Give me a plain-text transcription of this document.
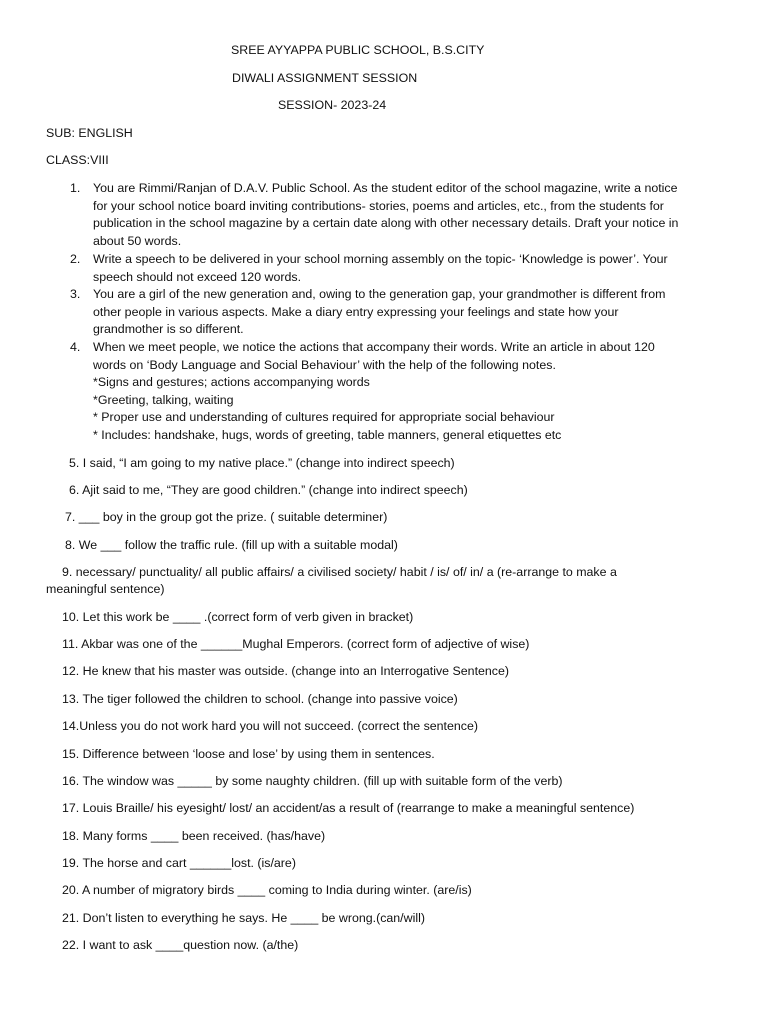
SREE AYYAPPA PUBLIC SCHOOL, B.S.CITY
DIWALI ASSIGNMENT SESSION
SESSION- 2023-24
SUB: ENGLISH
CLASS:VIII
1. You are Rimmi/Ranjan of D.A.V. Public School. As the student editor of the school magazine, write a notice
for your school notice board inviting contributions- stories, poems and articles, etc., from the students for
publication in the school magazine by a certain date along with other necessary details. Draft your notice in
about 50 words.
2. Write a speech to be delivered in your school morning assembly on the topic- ‘Knowledge is power’. Your
speech should not exceed 120 words.
3. You are a girl of the new generation and, owing to the generation gap, your grandmother is different from
other people in various aspects. Make a diary entry expressing your feelings and state how your
grandmother is so different.
4. When we meet people, we notice the actions that accompany their words. Write an article in about 120
words on ‘Body Language and Social Behaviour’ with the help of the following notes.
*Signs and gestures; actions accompanying words
*Greeting, talking, waiting
* Proper use and understanding of cultures required for appropriate social behaviour
* Includes: handshake, hugs, words of greeting, table manners, general etiquettes etc
5. I said, “I am going to my native place.” (change into indirect speech)
6. Ajit said to me, “They are good children.” (change into indirect speech)
7. ___ boy in the group got the prize. ( suitable determiner)
8. We ___ follow the traffic rule. (fill up with a suitable modal)
9. necessary/ punctuality/ all public affairs/ a civilised society/ habit / is/ of/ in/ a (re-arrange to make a
meaningful sentence)
10. Let this work be ____ .(correct form of verb given in bracket)
11. Akbar was one of the ______Mughal Emperors. (correct form of adjective of wise)
12. He knew that his master was outside. (change into an Interrogative Sentence)
13. The tiger followed the children to school. (change into passive voice)
14.Unless you do not work hard you will not succeed. (correct the sentence)
15. Difference between ‘loose and lose’ by using them in sentences.
16. The window was _____ by some naughty children. (fill up with suitable form of the verb)
17. Louis Braille/ his eyesight/ lost/ an accident/as a result of (rearrange to make a meaningful sentence)
18. Many forms ____ been received. (has/have)
19. The horse and cart ______lost. (is/are)
20. A number of migratory birds ____ coming to India during winter. (are/is)
21. Don’t listen to everything he says. He ____ be wrong.(can/will)
22. I want to ask ____question now. (a/the)
